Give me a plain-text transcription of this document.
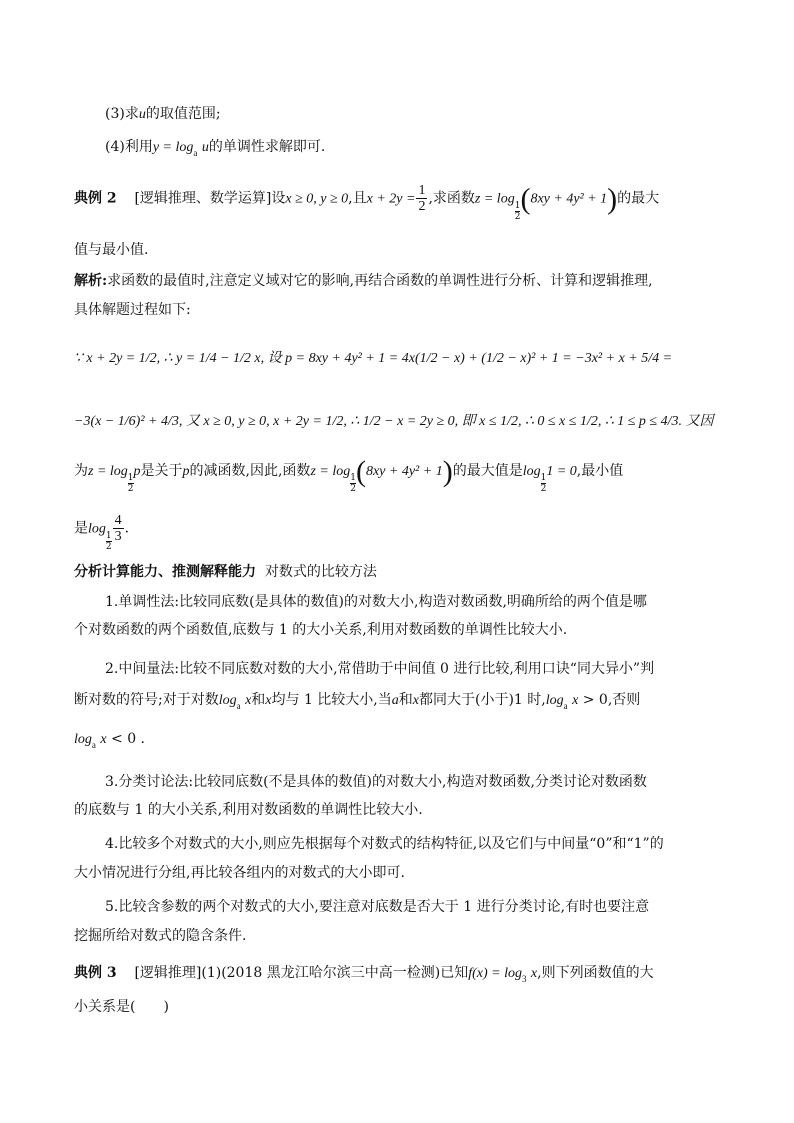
(3)求u的取值范围;
(4)利用$y = \log_a u$的单调性求解即可.
典例 2 [逻辑推理、数学运算]设x ≥ 0, y ≥ 0,且$x + 2y = \frac{1}{2}$ ,求函数z = log
$\frac{1}{2} (8xy + 4y^2 + 1)$的最大
值与最小值.
解析:求函数的最值时,注意定义域对它的影响,再结合函数的单调性进行分析、计算和逻辑推理,
具体解题过程如下:
∵ x + 2y = 1/2, ∴ y = 1/4 − 1/2 x, 设 p = 8xy + 4y² + 1 = 4x(1/2 − x) + (1/2 − x)² + 1 = −3x² + x + 5/4 =
−3(x − 1/6)² + 4/3, 又 x ≥ 0, y ≥ 0, x + 2y = 1/2, ∴ 1/2 − x = 2y ≥ 0, 即 x ≤ 1/2, ∴ 0 ≤ x ≤ 1/2, ∴ 1 ≤ p ≤ 4/3. 又因
为z = log
$\frac{1}{2}$
p是关于p的减函数,因此,函数z = log
$\frac{1}{2} (8xy + 4y^2 + 1)$的最大值是log
$\frac{1}{2}$
1 = 0,最小值
是log
$\frac{1}{2} \frac{4}{3}$ .
分析计算能力、推测解释能力 对数式的比较方法
1.单调性法:比较同底数(是具体的数值)的对数大小,构造对数函数,明确所给的两个值是哪
个对数函数的两个函数值,底数与 1 的大小关系,利用对数函数的单调性比较大小.
2.中间量法:比较不同底数对数的大小,常借助于中间值 0 进行比较,利用口诀“同大异小”判
断对数的符号;对于对数$\log_a x$和x均与 1 比较大小,当a和x都同大于(小于)1 时$,\log_a$ x > 0,否则
$\log_a x < 0$ .
3.分类讨论法:比较同底数(不是具体的数值)的对数大小,构造对数函数,分类讨论对数函数
的底数与 1 的大小关系,利用对数函数的单调性比较大小.
4.比较多个对数式的大小,则应先根据每个对数式的结构特征,以及它们与中间量“0”和“1”的
大小情况进行分组,再比较各组内的对数式的大小即可.
5.比较含参数的两个对数式的大小,要注意对底数是否大于 1 进行分类讨论,有时也要注意
挖掘所给对数式的隐含条件.
典例 3 [逻辑推理](1)(2018 黑龙江哈尔滨三中高一检测)已知$f(x) = \log_3 x$,则下列函数值的大
小关系是(　　)
